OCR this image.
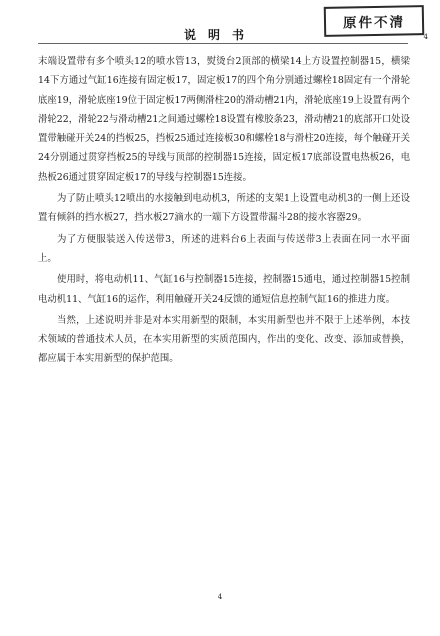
说明书
原件不清
4

末端设置带有多个喷头12的喷水管13，熨烫台2顶部的横梁14上方设置控制器15，横梁14下方通过气缸16连接有固定板17，固定板17的四个角分别通过螺栓18固定有一个滑轮底座19，滑轮底座19位于固定板17两侧滑柱20的滑动槽21内，滑轮底座19上设置有两个滑轮22，滑轮22与滑动槽21之间通过螺栓18设置有橡胶条23，滑动槽21的底部开口处设置带触碰开关24的挡板25，挡板25通过连接板30和螺栓18与滑柱20连接，每个触碰开关24分别通过贯穿挡板25的导线与顶部的控制器15连接，固定板17底部设置电热板26，电热板26通过贯穿固定板17的导线与控制器15连接。

为了防止喷头12喷出的水接触到电动机3，所述的支架1上设置电动机3的一侧上还设置有倾斜的挡水板27，挡水板27滴水的一端下方设置带漏斗28的接水容器29。

为了方便服装送入传送带3，所述的进料台6上表面与传送带3上表面在同一水平面上。

使用时，将电动机11、气缸16与控制器15连接，控制器15通电，通过控制器15控制电动机11、气缸16的运作，利用触碰开关24反馈的通短信息控制气缸16的推进力度。

当然，上述说明并非是对本实用新型的限制，本实用新型也并不限于上述举例，本技术领域的普通技术人员，在本实用新型的实质范围内，作出的变化、改变、添加或替换，都应属于本实用新型的保护范围。

4
